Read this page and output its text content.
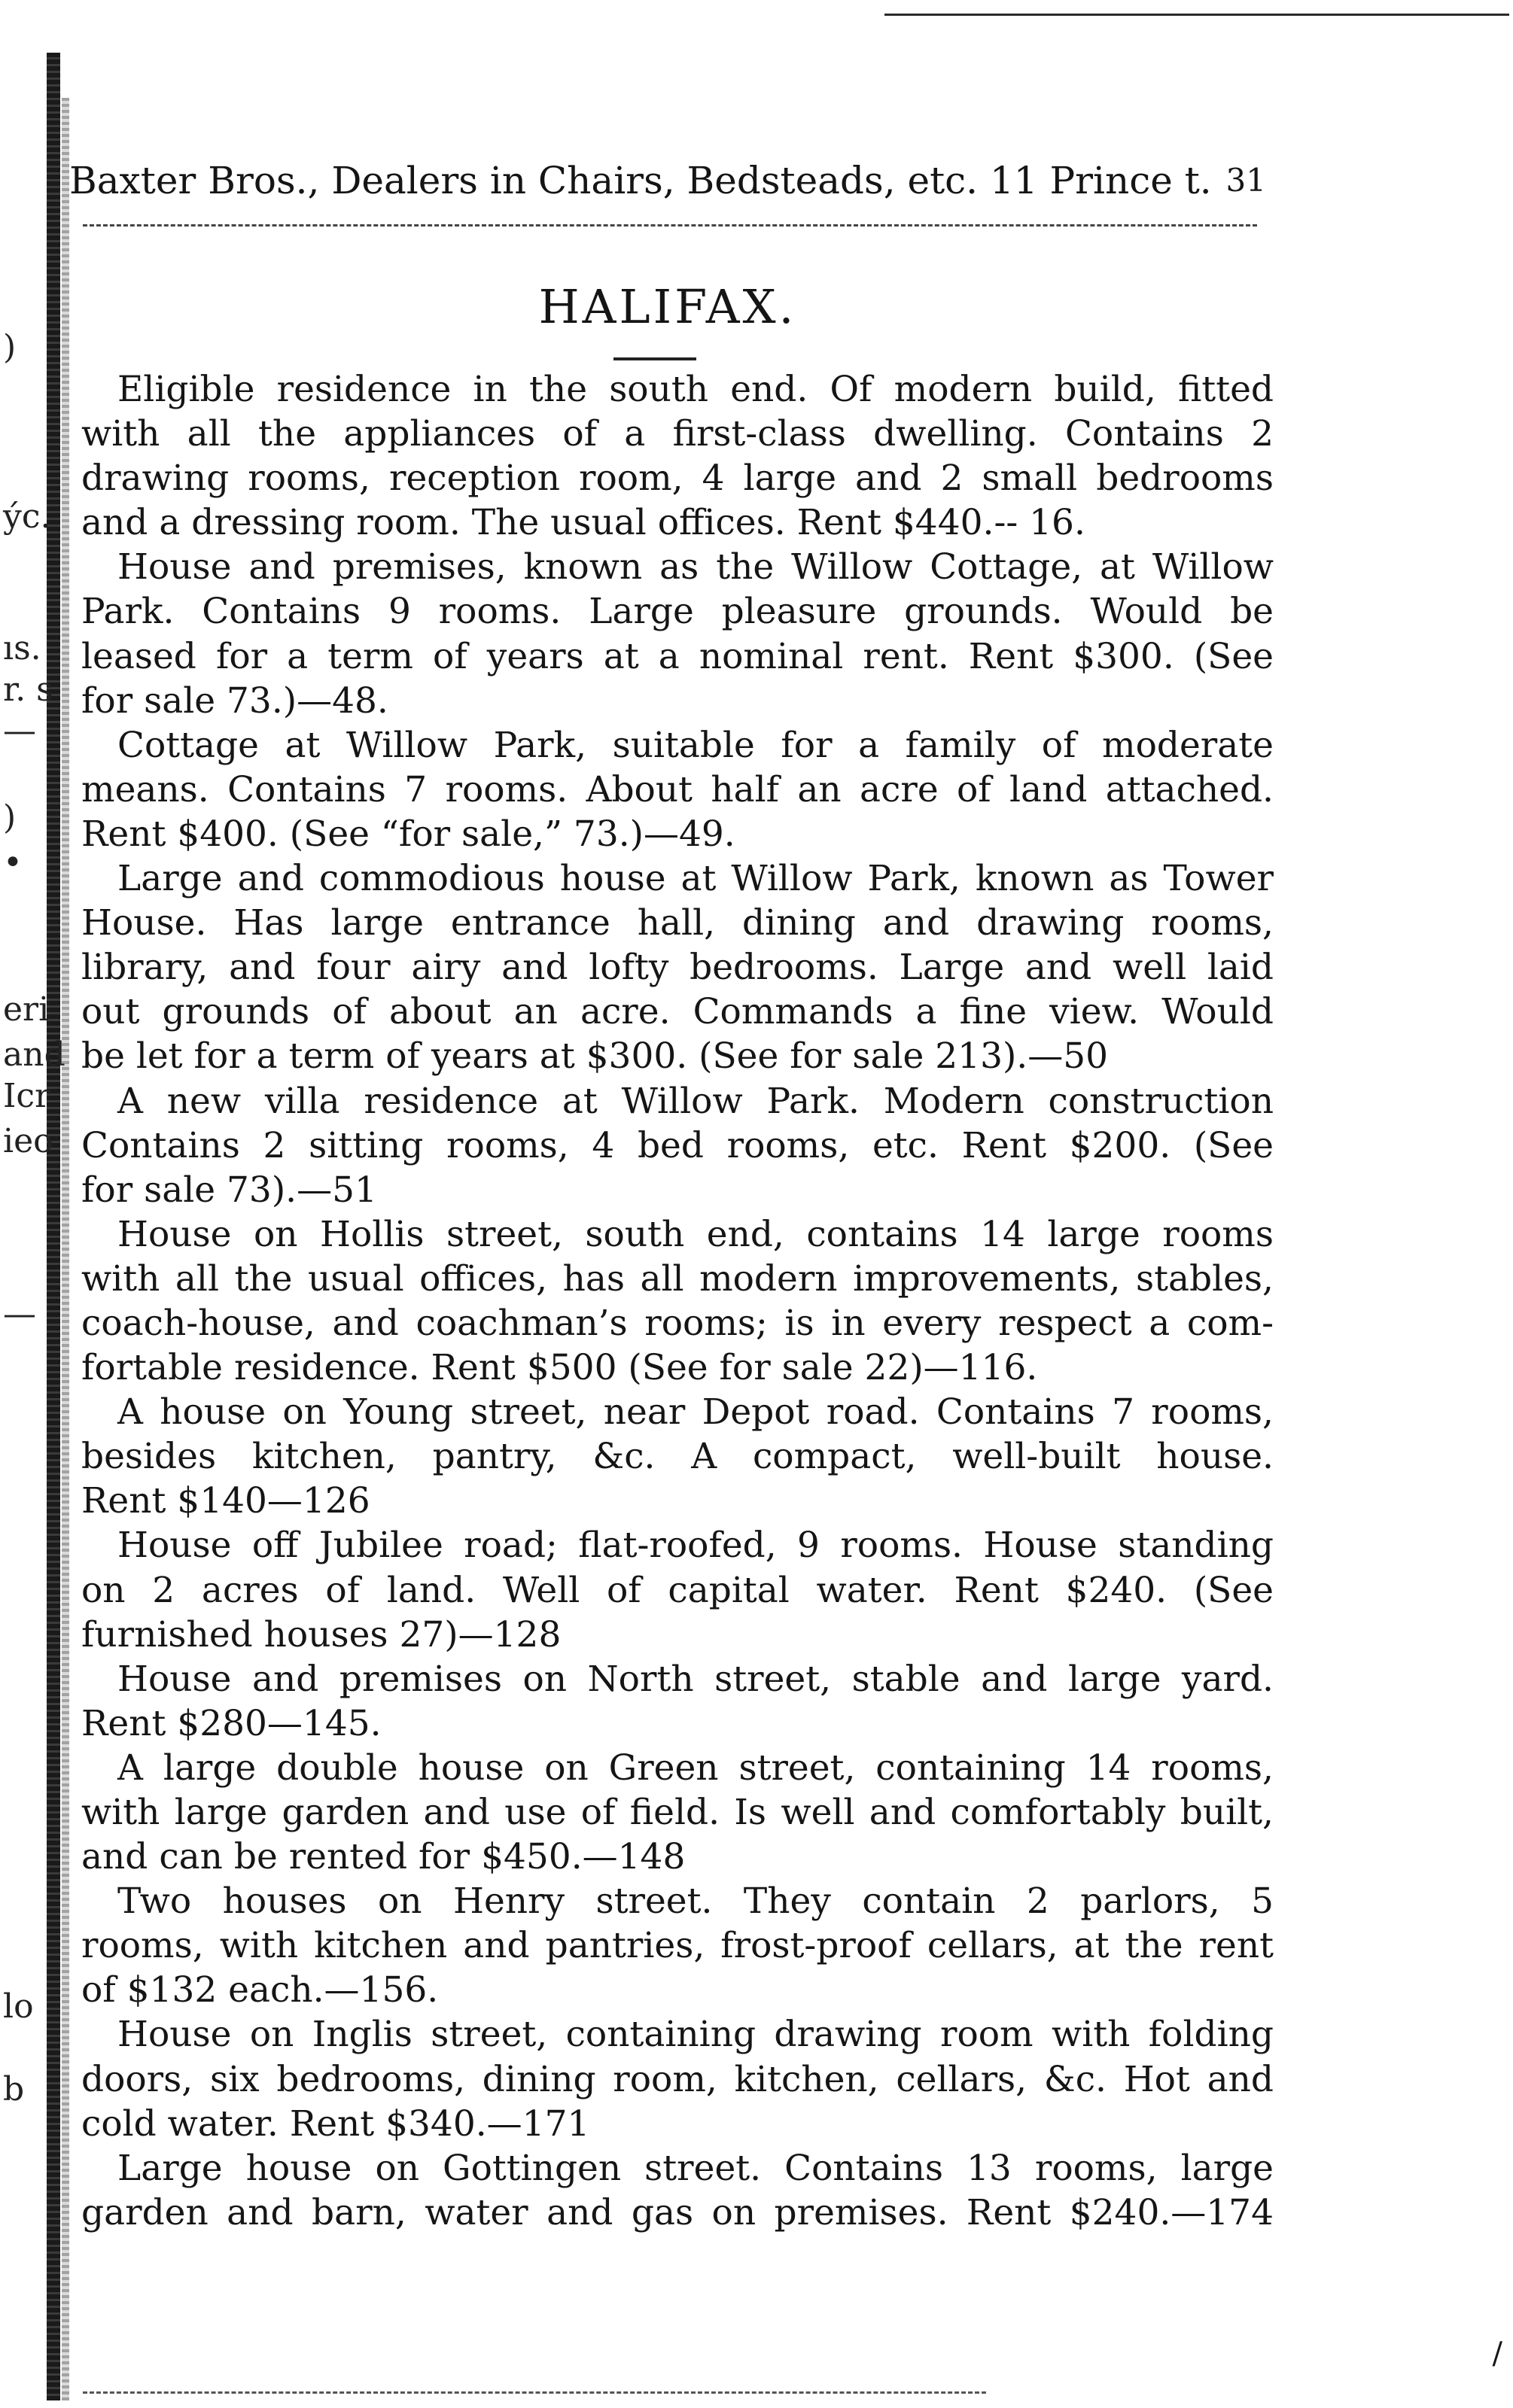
)
ýc.
ıs.
r. s
—
)
•
eri
and
Icr
ieo
—
lo
b
Baxter Bros., Dealers in Chairs, Bedsteads, etc. 11 Prince t. 31
HALIFAX.
Eligible residence in the south end. Of modern build, fitted
with all the appliances of a first-class dwelling. Contains 2
drawing rooms, reception room, 4 large and 2 small bedrooms
and a dressing room. The usual offices. Rent $440.-- 16.
House and premises, known as the Willow Cottage, at Willow
Park. Contains 9 rooms. Large pleasure grounds. Would be
leased for a term of years at a nominal rent. Rent $300. (See
for sale 73.)—48.
Cottage at Willow Park, suitable for a family of moderate
means. Contains 7 rooms. About half an acre of land attached.
Rent $400. (See “for sale,” 73.)—49.
Large and commodious house at Willow Park, known as Tower
House. Has large entrance hall, dining and drawing rooms,
library, and four airy and lofty bedrooms. Large and well laid
out grounds of about an acre. Commands a fine view. Would
be let for a term of years at $300. (See for sale 213).—50
A new villa residence at Willow Park. Modern construction
Contains 2 sitting rooms, 4 bed rooms, etc. Rent $200. (See
for sale 73).—51
House on Hollis street, south end, contains 14 large rooms
with all the usual offices, has all modern improvements, stables,
coach-house, and coachman’s rooms; is in every respect a com-
fortable residence. Rent $500 (See for sale 22)—116.
A house on Young street, near Depot road. Contains 7 rooms,
besides kitchen, pantry, &c. A compact, well-built house.
Rent $140—126
House off Jubilee road; flat-roofed, 9 rooms. House standing
on 2 acres of land. Well of capital water. Rent $240. (See
furnished houses 27)—128
House and premises on North street, stable and large yard.
Rent $280—145.
A large double house on Green street, containing 14 rooms,
with large garden and use of field. Is well and comfortably built,
and can be rented for $450.—148
Two houses on Henry street. They contain 2 parlors, 5
rooms, with kitchen and pantries, frost-proof cellars, at the rent
of $132 each.—156.
House on Inglis street, containing drawing room with folding
doors, six bedrooms, dining room, kitchen, cellars, &c. Hot and
cold water. Rent $340.—171
Large house on Gottingen street. Contains 13 rooms, large
garden and barn, water and gas on premises. Rent $240.—174
/
